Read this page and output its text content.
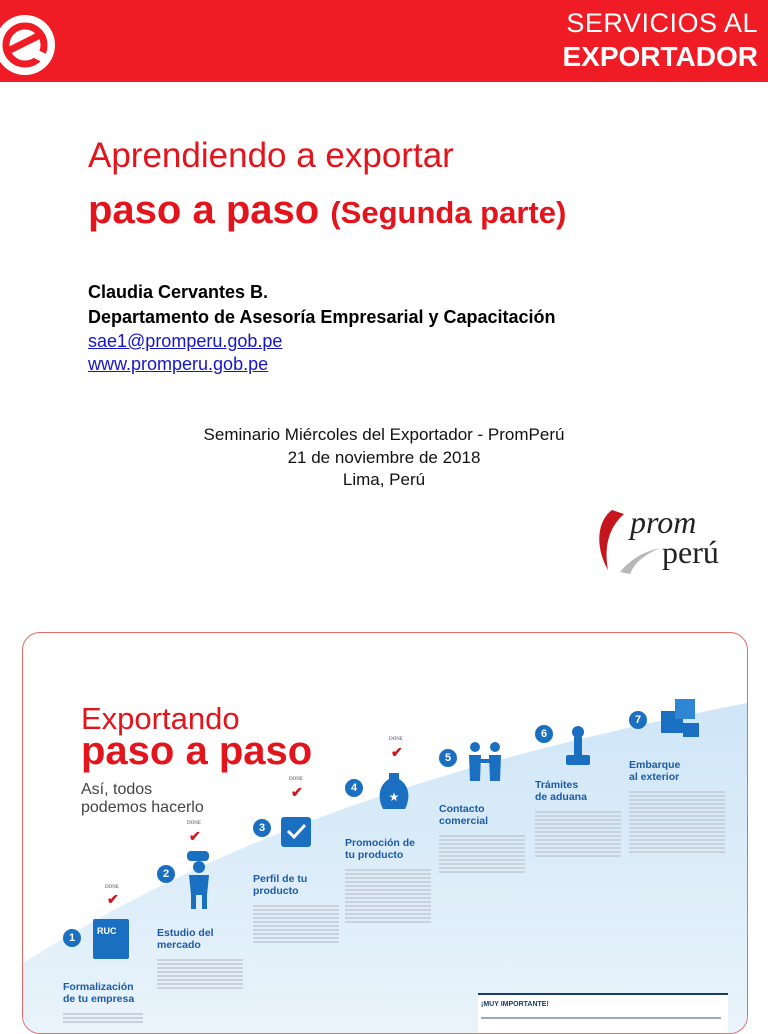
SERVICIOS AL
EXPORTADOR
Aprendiendo a exportar
paso a paso (Segunda parte)
Claudia Cervantes B.
Departamento de Asesoría Empresarial y Capacitación
sae1@promperu.gob.pe
www.promperu.gob.pe
Seminario Miércoles del Exportador - PromPerú
21 de noviembre de 2018
Lima, Perú
prom
perú
Exportando
paso a paso
Así, todos
podemos hacerlo
DONE
✔
1
RUC
Formalización
de tu empresa
DONE
✔
2
Estudio del
mercado
DONE
✔
3
Perfil de tu
producto
DONE
✔
4
★
Promoción de
tu producto
5
Contacto
comercial
6
Trámites
de aduana
7
Embarque
al exterior
¡MUY IMPORTANTE!
